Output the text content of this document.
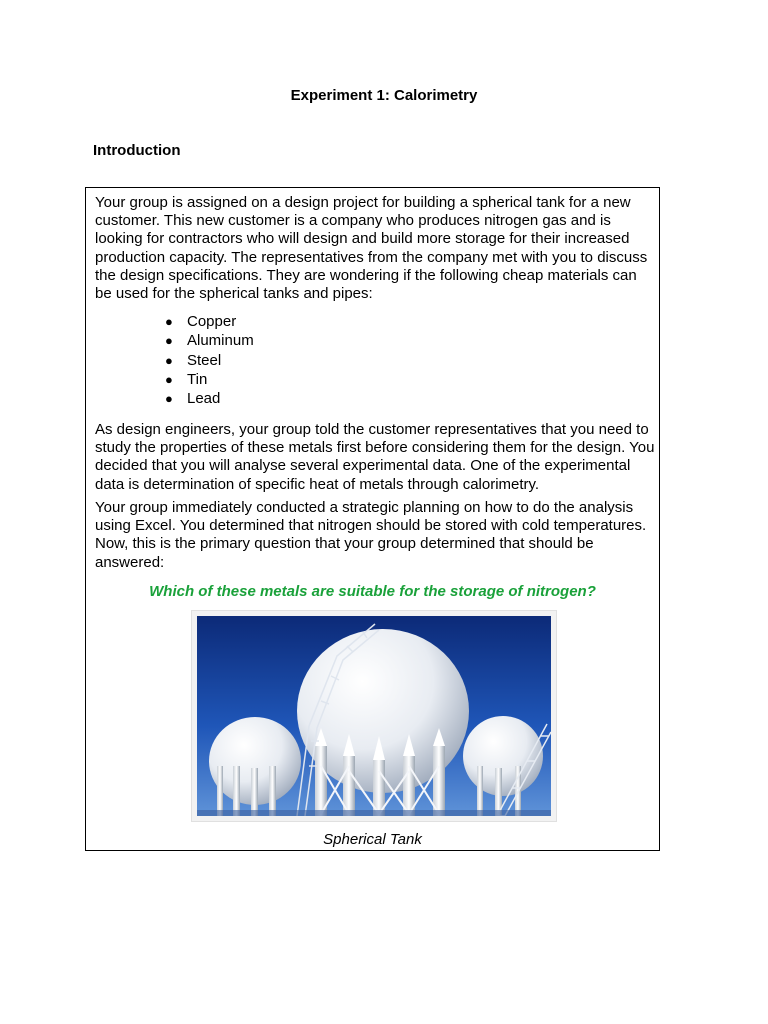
Experiment 1: Calorimetry
Introduction

Your group is assigned on a design project for building a spherical tank for a new customer. This new customer is a company who produces nitrogen gas and is looking for contractors who will design and build more storage for their increased production capacity. The representatives from the company met with you to discuss the design specifications. They are wondering if the following cheap materials can be used for the spherical tanks and pipes:

● Copper
● Aluminum
● Steel
● Tin
● Lead

As design engineers, your group told the customer representatives that you need to study the properties of these metals first before considering them for the design. You decided that you will analyse several experimental data. One of the experimental data is determination of specific heat of metals through calorimetry.

Your group immediately conducted a strategic planning on how to do the analysis using Excel. You determined that nitrogen should be stored with cold temperatures. Now, this is the primary question that your group determined that should be answered:

Which of these metals are suitable for the storage of nitrogen?
Spherical Tank
